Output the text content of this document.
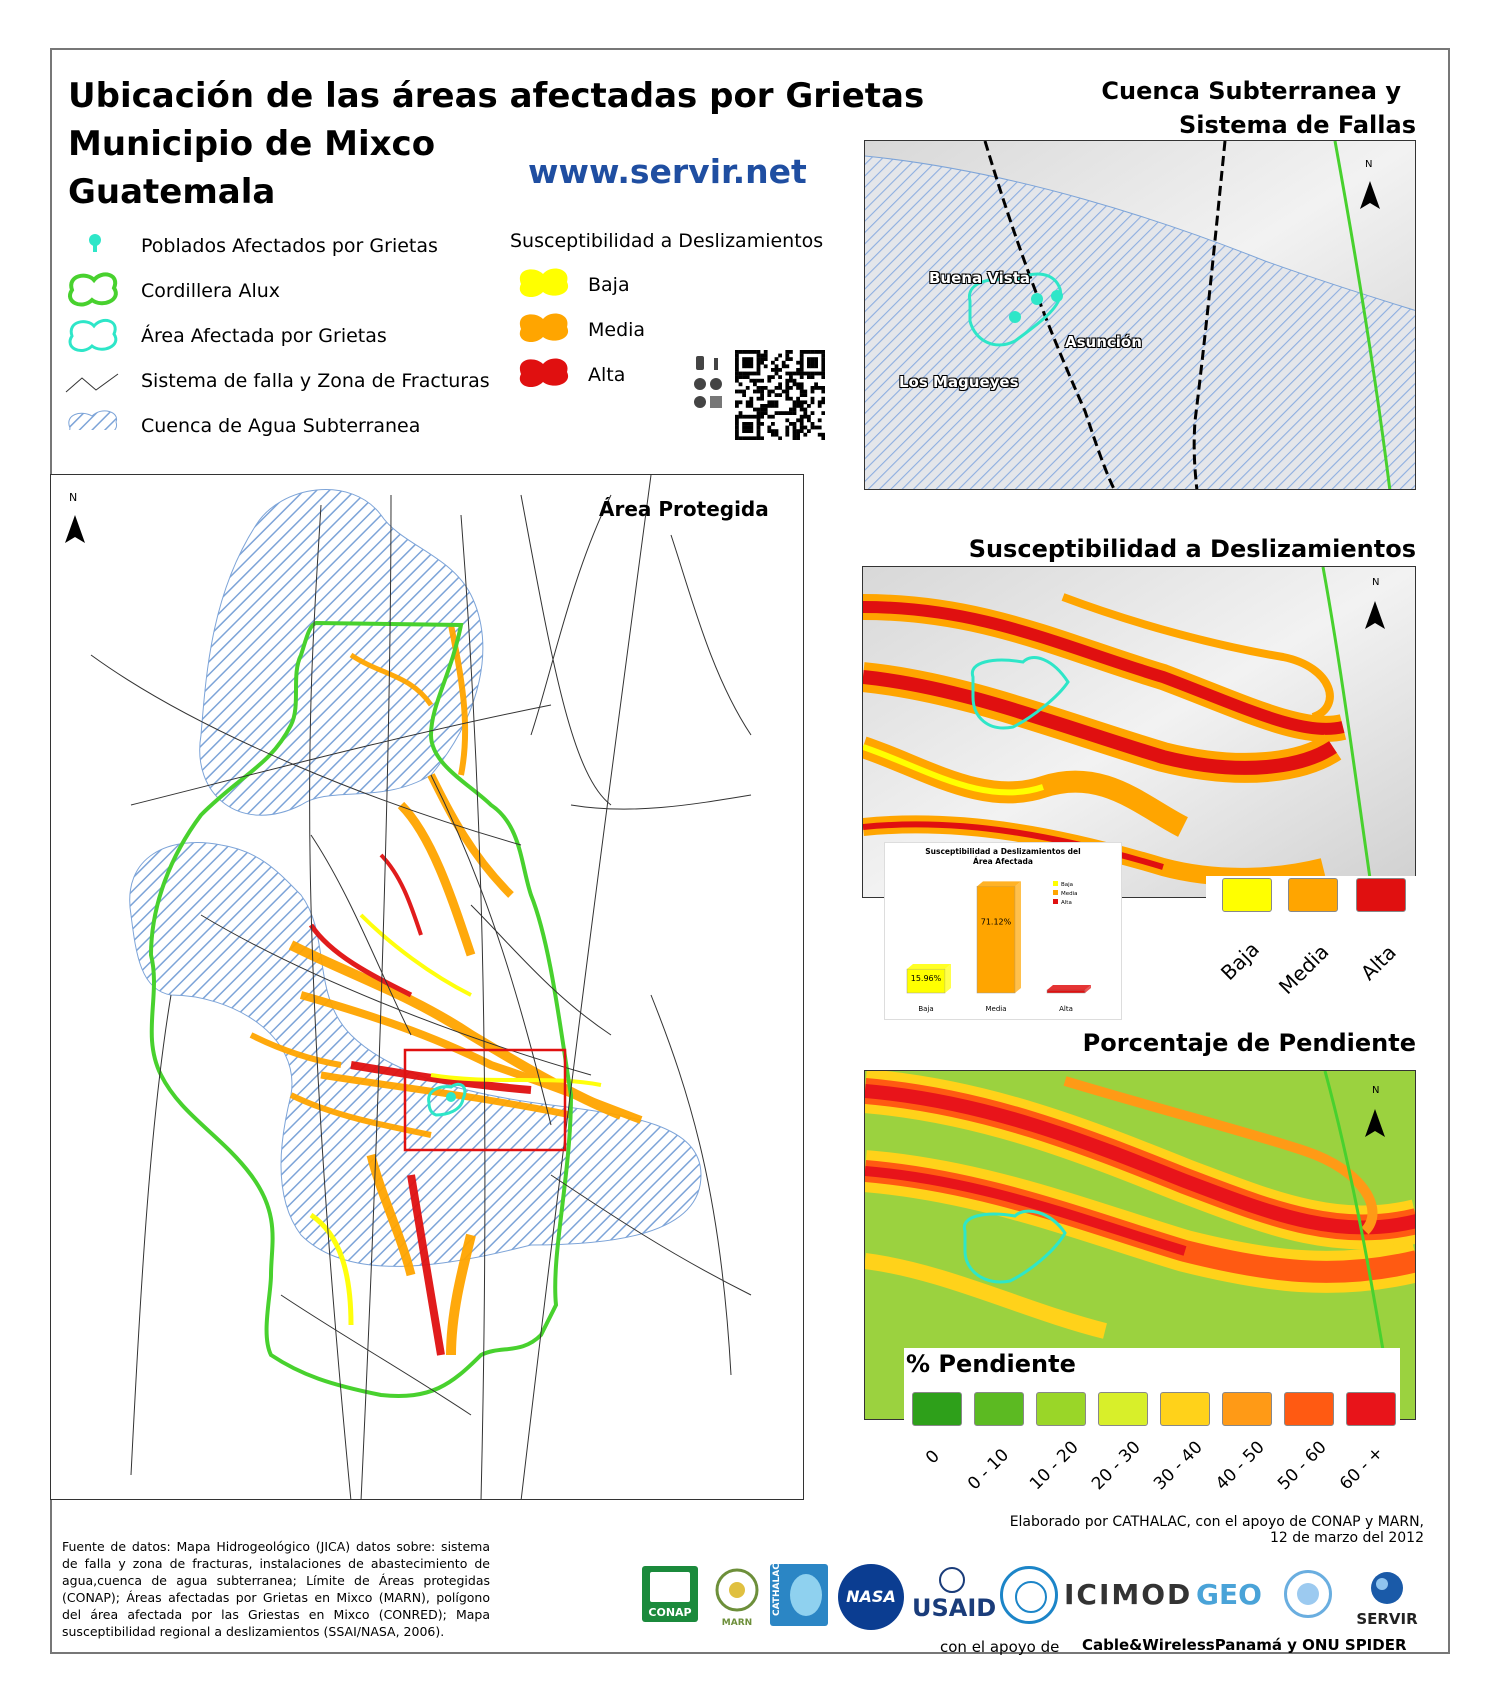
Ubicación de las áreas afectadas por Grietas
Municipio de Mixco
Guatemala
www.servir.net
Poblados Afectados por Grietas
Cordillera Alux
Área Afectada por Grietas
Sistema de falla y Zona de Fracturas
Cuenca de Agua Subterranea
Susceptibilidad a Deslizamientos
Baja
Media
Alta
N	Área Protegida
Cuenca Subterranea y
Sistema de Fallas
N
Buena Vista
Asunción
Los Magueyes
Susceptibilidad a Deslizamientos
N
Susceptibilidad a Deslizamientos del
Área Afectada
15.96%
Baja
71.12%
Media	Alta
Baja
Media
Alta
Baja Media Alta
Porcentaje de Pendiente
N
% Pendiente
0 0 - 10 10 - 20 20 - 30 30 - 40 40 - 50 50 - 60 60 - +
Elaborado por CATHALAC, con el apoyo de CONAP y MARN,
12 de marzo del 2012
Fuente de datos: Mapa Hidrogeológico (JICA) datos sobre: sistema de falla y zona de fracturas, instalaciones de abastecimiento de agua,cuenca de agua subterranea; Límite de Áreas protegidas (CONAP); Áreas afectadas por Grietas en Mixco (MARN), polígono del área afectada por las Griestas en Mixco (CONRED); Mapa susceptibilidad regional a deslizamientos (SSAI/NASA, 2006).
CONAP
MARN
CATHALAC	NASA USAID ICIMOD GEO
SERVIR
con el apoyo de Cable&WirelessPanamá y ONU SPIDER
